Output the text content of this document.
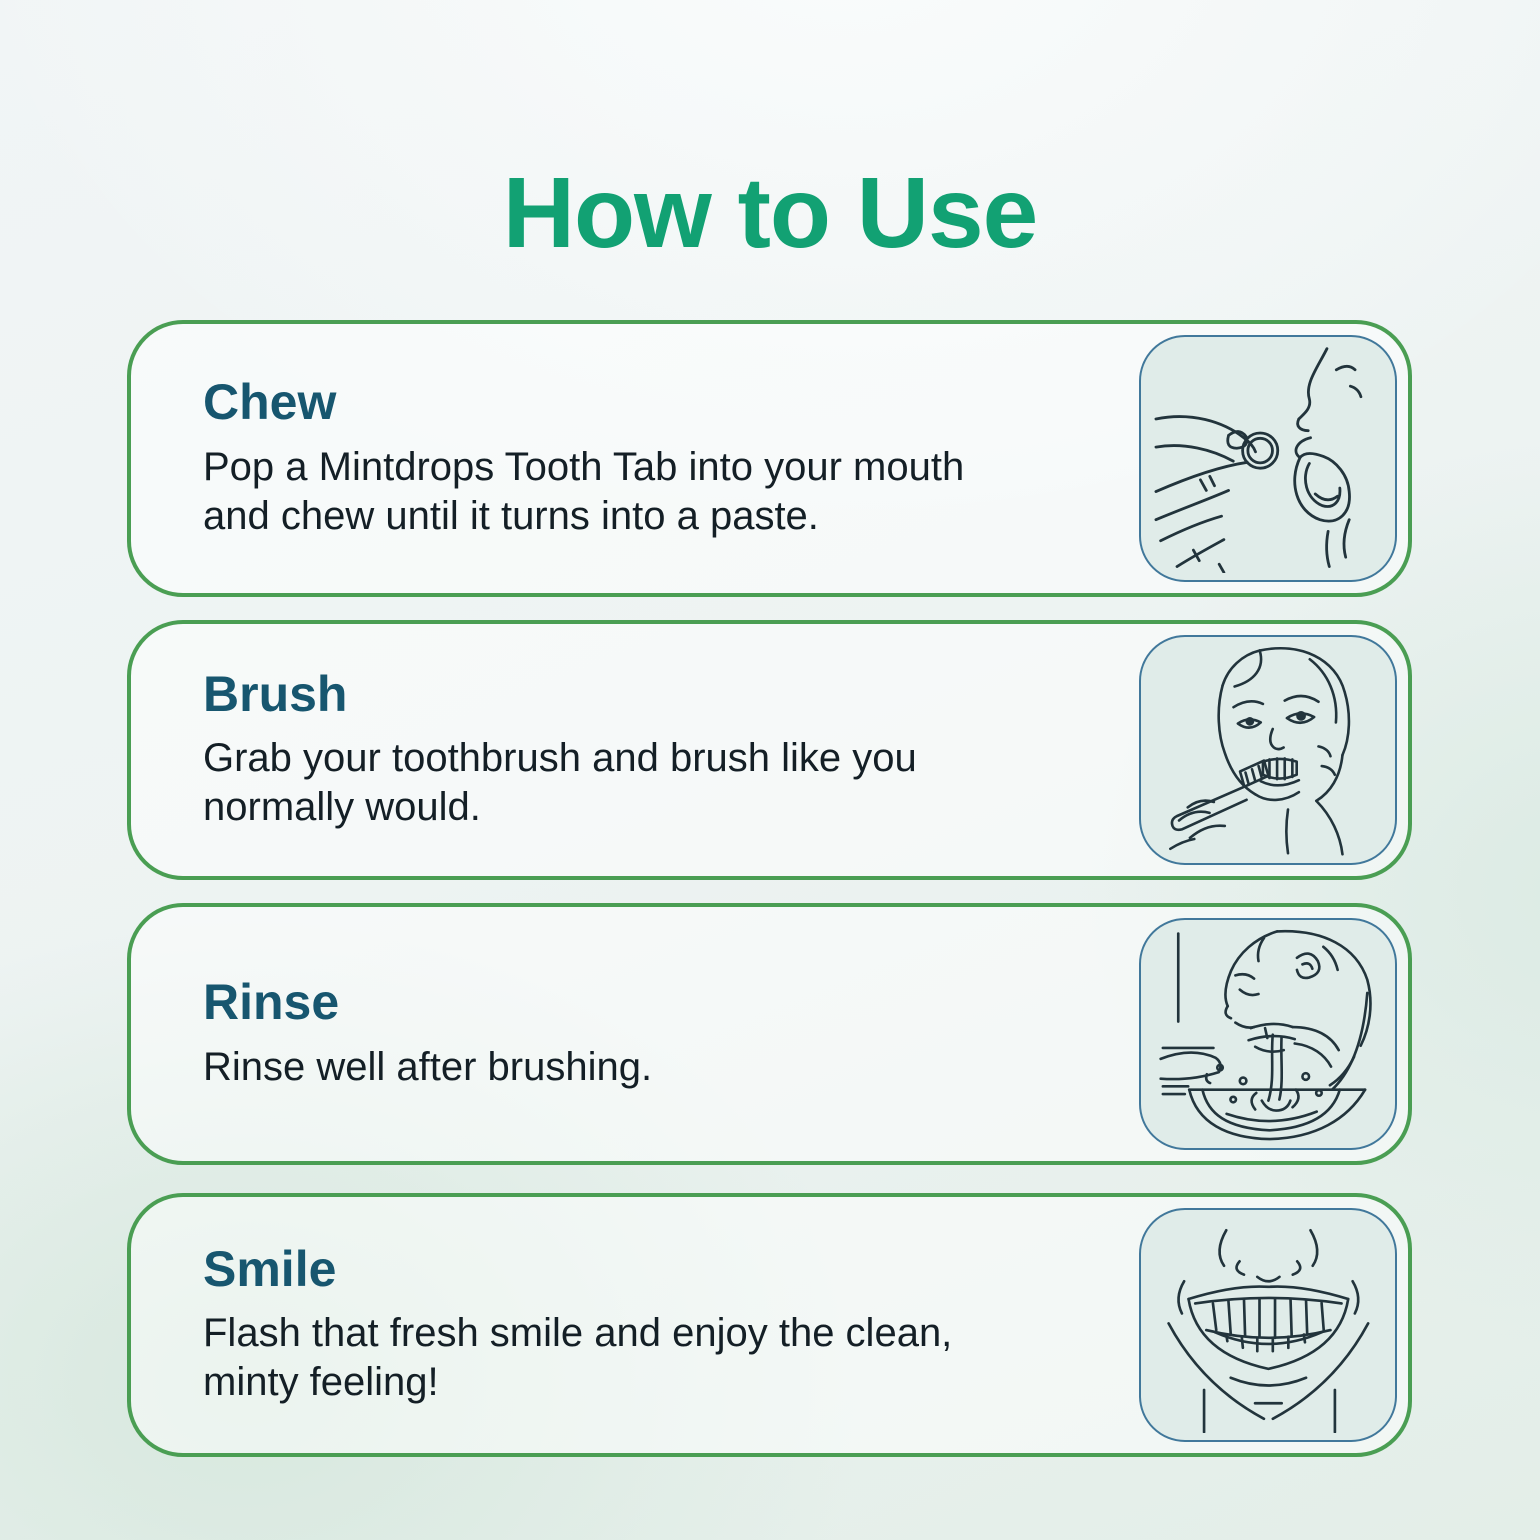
How to Use
Chew
Pop a Mintdrops Tooth Tab into your mouth
and chew until it turns into a paste.
Brush
Grab your toothbrush and brush like you
normally would.
Rinse
Rinse well after brushing.
Smile
Flash that fresh smile and enjoy the clean,
minty feeling!
